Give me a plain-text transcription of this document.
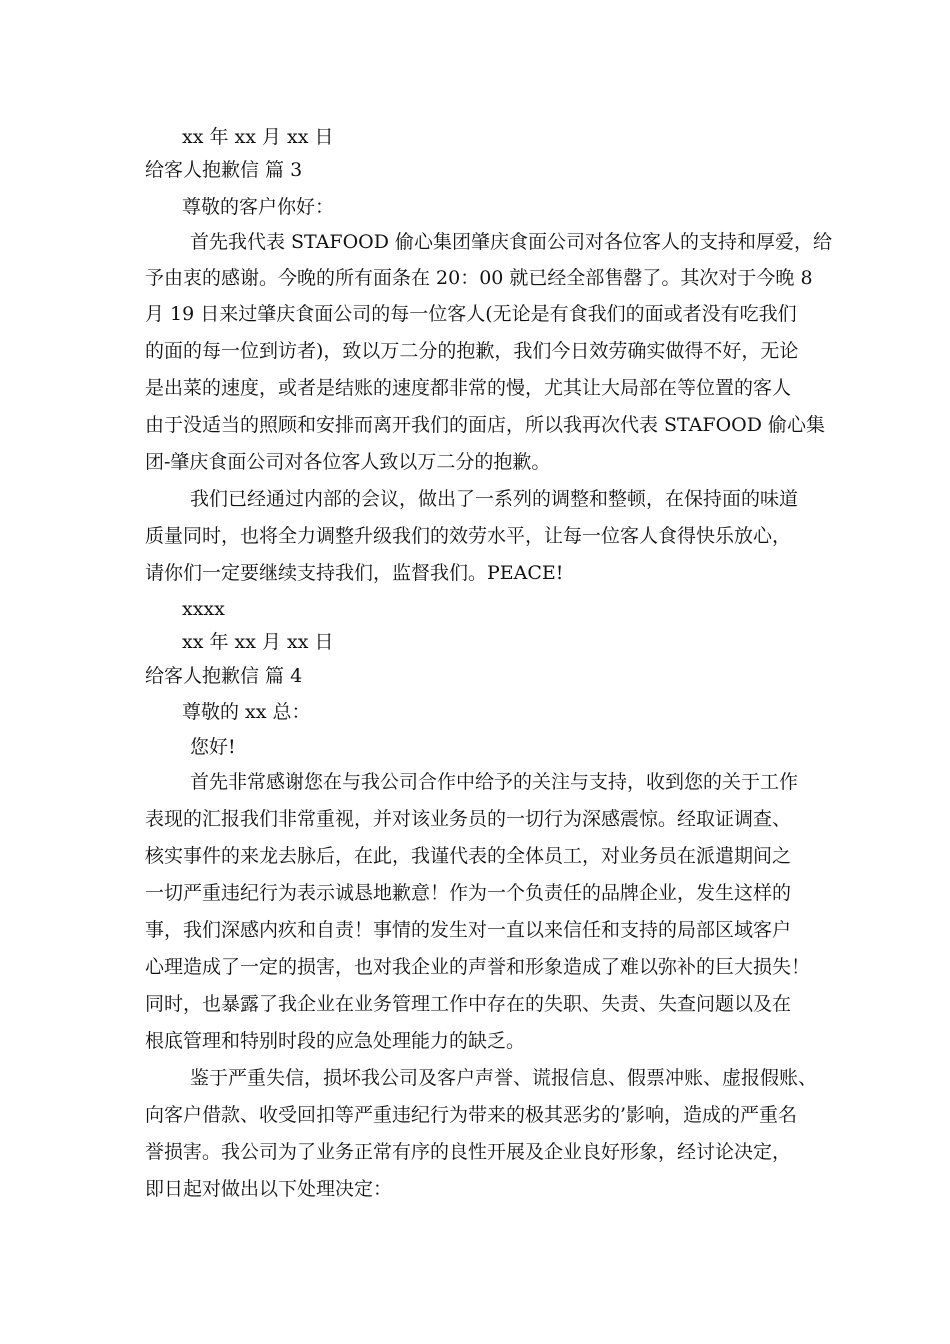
xx 年 xx 月 xx 日
给客人抱歉信 篇 3
尊敬的客户你好：
首先我代表 STAFOOD 偷心集团肇庆食面公司对各位客人的支持和厚爱，给
予由衷的感谢。今晚的所有面条在 20：00 就已经全部售罄了。其次对于今晚 8
月 19 日来过肇庆食面公司的每一位客人(无论是有食我们的面或者没有吃我们
的面的每一位到访者)，致以万二分的抱歉，我们今日效劳确实做得不好，无论
是出菜的速度，或者是结账的速度都非常的慢，尤其让大局部在等位置的客人
由于没适当的照顾和安排而离开我们的面店，所以我再次代表 STAFOOD 偷心集
团-肇庆食面公司对各位客人致以万二分的抱歉。
我们已经通过内部的会议，做出了一系列的调整和整顿，在保持面的味道
质量同时，也将全力调整升级我们的效劳水平，让每一位客人食得快乐放心，
请你们一定要继续支持我们，监督我们。PEACE!
xxxx
xx 年 xx 月 xx 日
给客人抱歉信 篇 4
尊敬的 xx 总：
您好!
首先非常感谢您在与我公司合作中给予的关注与支持，收到您的关于工作
表现的汇报我们非常重视，并对该业务员的一切行为深感震惊。经取证调查、
核实事件的来龙去脉后，在此，我谨代表的全体员工，对业务员在派遣期间之
一切严重违纪行为表示诚恳地歉意！作为一个负责任的品牌企业，发生这样的
事，我们深感内疚和自责！事情的发生对一直以来信任和支持的局部区域客户
心理造成了一定的损害，也对我企业的声誉和形象造成了难以弥补的巨大损失！
同时，也暴露了我企业在业务管理工作中存在的失职、失责、失查问题以及在
根底管理和特别时段的应急处理能力的缺乏。
鉴于严重失信，损坏我公司及客户声誉、谎报信息、假票冲账、虚报假账、
向客户借款、收受回扣等严重违纪行为带来的极其恶劣的’影响，造成的严重名
誉损害。我公司为了业务正常有序的良性开展及企业良好形象，经讨论决定，
即日起对做出以下处理决定：
